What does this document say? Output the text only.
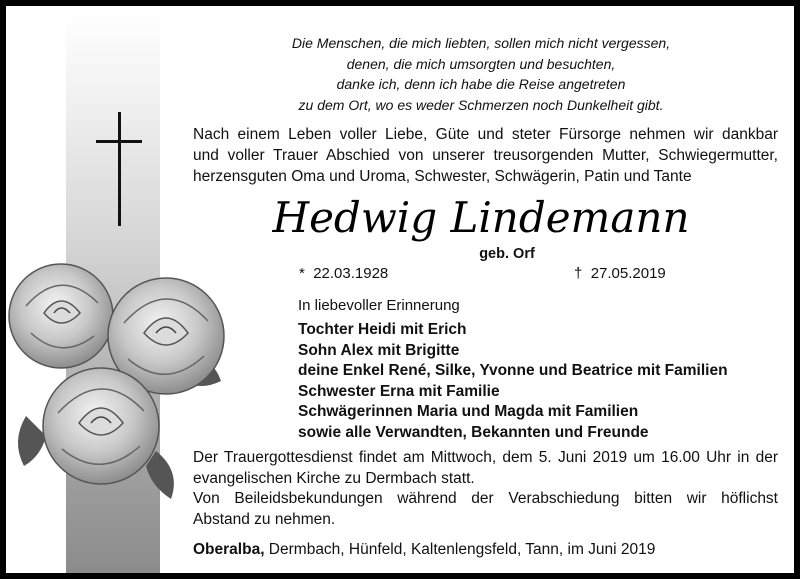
Die Menschen, die mich liebten, sollen mich nicht vergessen,
denen, die mich umsorgten und besuchten,
danke ich, denn ich habe die Reise angetreten
zu dem Ort, wo es weder Schmerzen noch Dunkelheit gibt.
Nach einem Leben voller Liebe, Güte und steter Fürsorge nehmen wir dankbar
und voller Trauer Abschied von unserer treusorgenden Mutter, Schwiegermutter,
herzensguten Oma und Uroma, Schwester, Schwägerin, Patin und Tante
Hedwig Lindemann
geb. Orf
* 22.03.1928	† 27.05.2019
In liebevoller Erinnerung
Tochter Heidi mit Erich
Sohn Alex mit Brigitte
deine Enkel René, Silke, Yvonne und Beatrice mit Familien
Schwester Erna mit Familie
Schwägerinnen Maria und Magda mit Familien
sowie alle Verwandten, Bekannten und Freunde
Der Trauergottesdienst findet am Mittwoch, dem 5. Juni 2019 um 16.00 Uhr in der
evangelischen Kirche zu Dermbach statt.
Von Beileidsbekundungen während der Verabschiedung bitten wir höflichst
Abstand zu nehmen.
Oberalba, Dermbach, Hünfeld, Kaltenlengsfeld, Tann, im Juni 2019
